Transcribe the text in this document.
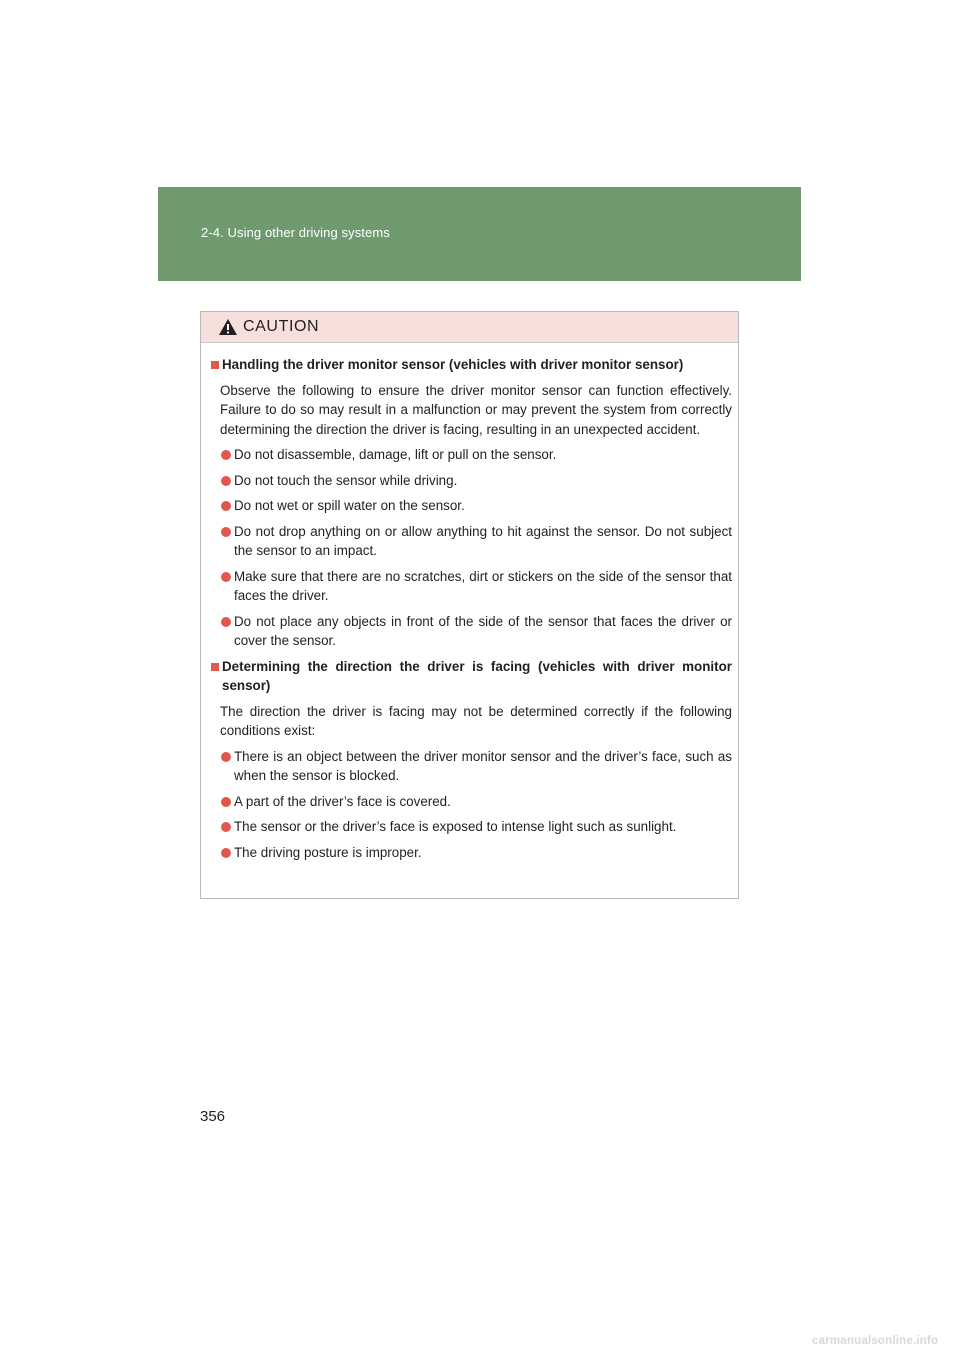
2-4. Using other driving systems
CAUTION
Handling the driver monitor sensor (vehicles with driver monitor sensor)
Observe the following to ensure the driver monitor sensor can function effectively. Failure to do so may result in a malfunction or may prevent the system from correctly determining the direction the driver is facing, resulting in an unexpected accident.
Do not disassemble, damage, lift or pull on the sensor.
Do not touch the sensor while driving.
Do not wet or spill water on the sensor.
Do not drop anything on or allow anything to hit against the sensor. Do not subject the sensor to an impact.
Make sure that there are no scratches, dirt or stickers on the side of the sensor that faces the driver.
Do not place any objects in front of the side of the sensor that faces the driver or cover the sensor.
Determining the direction the driver is facing (vehicles with driver monitor sensor)
The direction the driver is facing may not be determined correctly if the following conditions exist:
There is an object between the driver monitor sensor and the driver’s face, such as when the sensor is blocked.
A part of the driver’s face is covered.
The sensor or the driver’s face is exposed to intense light such as sunlight.
The driving posture is improper.
356
carmanualsonline.info
